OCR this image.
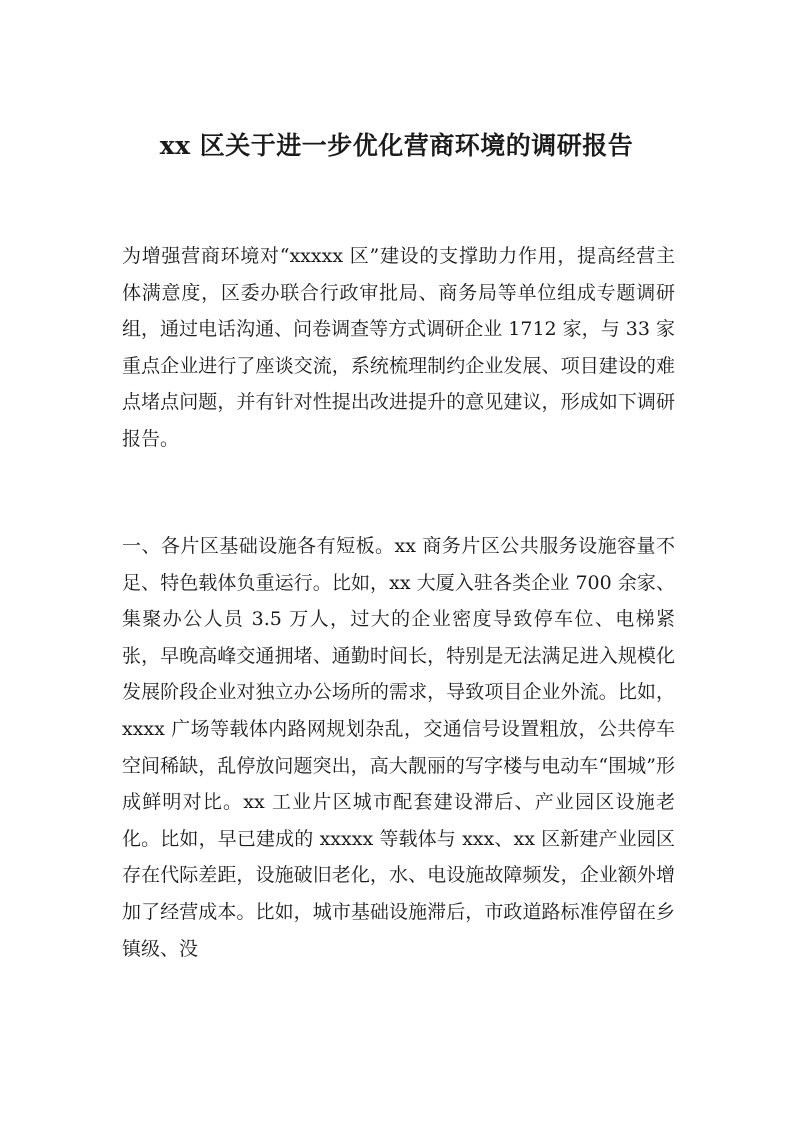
xx 区关于进一步优化营商环境的调研报告

为增强营商环境对“xxxxx 区”建设的支撑助力作用，提高经营主体满意度，区委办联合行政审批局、商务局等单位组成专题调研组，通过电话沟通、问卷调查等方式调研企业 1712 家，与 33 家重点企业进行了座谈交流，系统梳理制约企业发展、项目建设的难点堵点问题，并有针对性提出改进提升的意见建议，形成如下调研报告。

一、各片区基础设施各有短板。xx 商务片区公共服务设施容量不足、特色载体负重运行。比如，xx 大厦入驻各类企业 700 余家、集聚办公人员 3.5 万人，过大的企业密度导致停车位、电梯紧张，早晚高峰交通拥堵、通勤时间长，特别是无法满足进入规模化发展阶段企业对独立办公场所的需求，导致项目企业外流。比如，xxxx 广场等载体内路网规划杂乱，交通信号设置粗放，公共停车空间稀缺，乱停放问题突出，高大靓丽的写字楼与电动车“围城”形成鲜明对比。xx 工业片区城市配套建设滞后、产业园区设施老化。比如，早已建成的 xxxxx 等载体与 xxx、xx 区新建产业园区存在代际差距，设施破旧老化，水、电设施故障频发，企业额外增加了经营成本。比如，城市基础设施滞后，市政道路标准停留在乡镇级、没
